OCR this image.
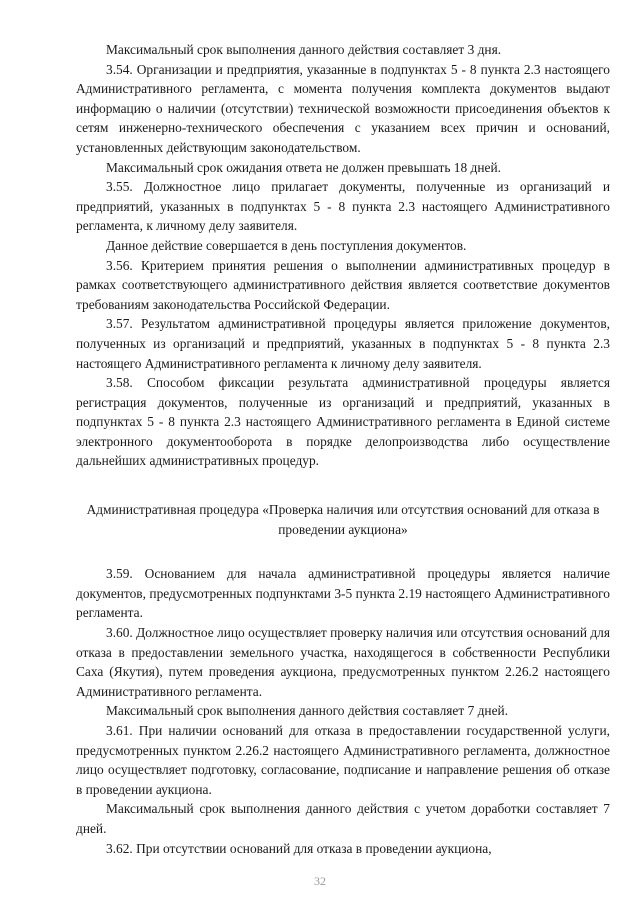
Максимальный срок выполнения данного действия составляет 3 дня.

3.54. Организации и предприятия, указанные в подпунктах 5 - 8 пункта 2.3 настоящего Административного регламента, с момента получения комплекта документов выдают информацию о наличии (отсутствии) технической возможности присоединения объектов к сетям инженерно-технического обеспечения с указанием всех причин и оснований, установленных действующим законодательством.

Максимальный срок ожидания ответа не должен превышать 18 дней.

3.55. Должностное лицо прилагает документы, полученные из организаций и предприятий, указанных в подпунктах 5 - 8 пункта 2.3 настоящего Административного регламента, к личному делу заявителя.

Данное действие совершается в день поступления документов.

3.56. Критерием принятия решения о выполнении административных процедур в рамках соответствующего административного действия является соответствие документов требованиям законодательства Российской Федерации.

3.57. Результатом административной процедуры является приложение документов, полученных из организаций и предприятий, указанных в подпунктах 5 - 8 пункта 2.3 настоящего Административного регламента к личному делу заявителя.

3.58. Способом фиксации результата административной процедуры является регистрация документов, полученные из организаций и предприятий, указанных в подпунктах 5 - 8 пункта 2.3 настоящего Административного регламента в Единой системе электронного документооборота в порядке делопроизводства либо осуществление дальнейших административных процедур.

Административная процедура «Проверка наличия или отсутствия оснований для отказа в проведении аукциона»

3.59. Основанием для начала административной процедуры является наличие документов, предусмотренных подпунктами 3-5 пункта 2.19 настоящего Административного регламента.

3.60. Должностное лицо осуществляет проверку наличия или отсутствия оснований для отказа в предоставлении земельного участка, находящегося в собственности Республики Саха (Якутия), путем проведения аукциона, предусмотренных пунктом 2.26.2 настоящего Административного регламента.

Максимальный срок выполнения данного действия составляет 7 дней.

3.61. При наличии оснований для отказа в предоставлении государственной услуги, предусмотренных пунктом 2.26.2 настоящего Административного регламента, должностное лицо осуществляет подготовку, согласование, подписание и направление решения об отказе в проведении аукциона.

Максимальный срок выполнения данного действия с учетом доработки составляет 7 дней.

3.62. При отсутствии оснований для отказа в проведении аукциона,

32
